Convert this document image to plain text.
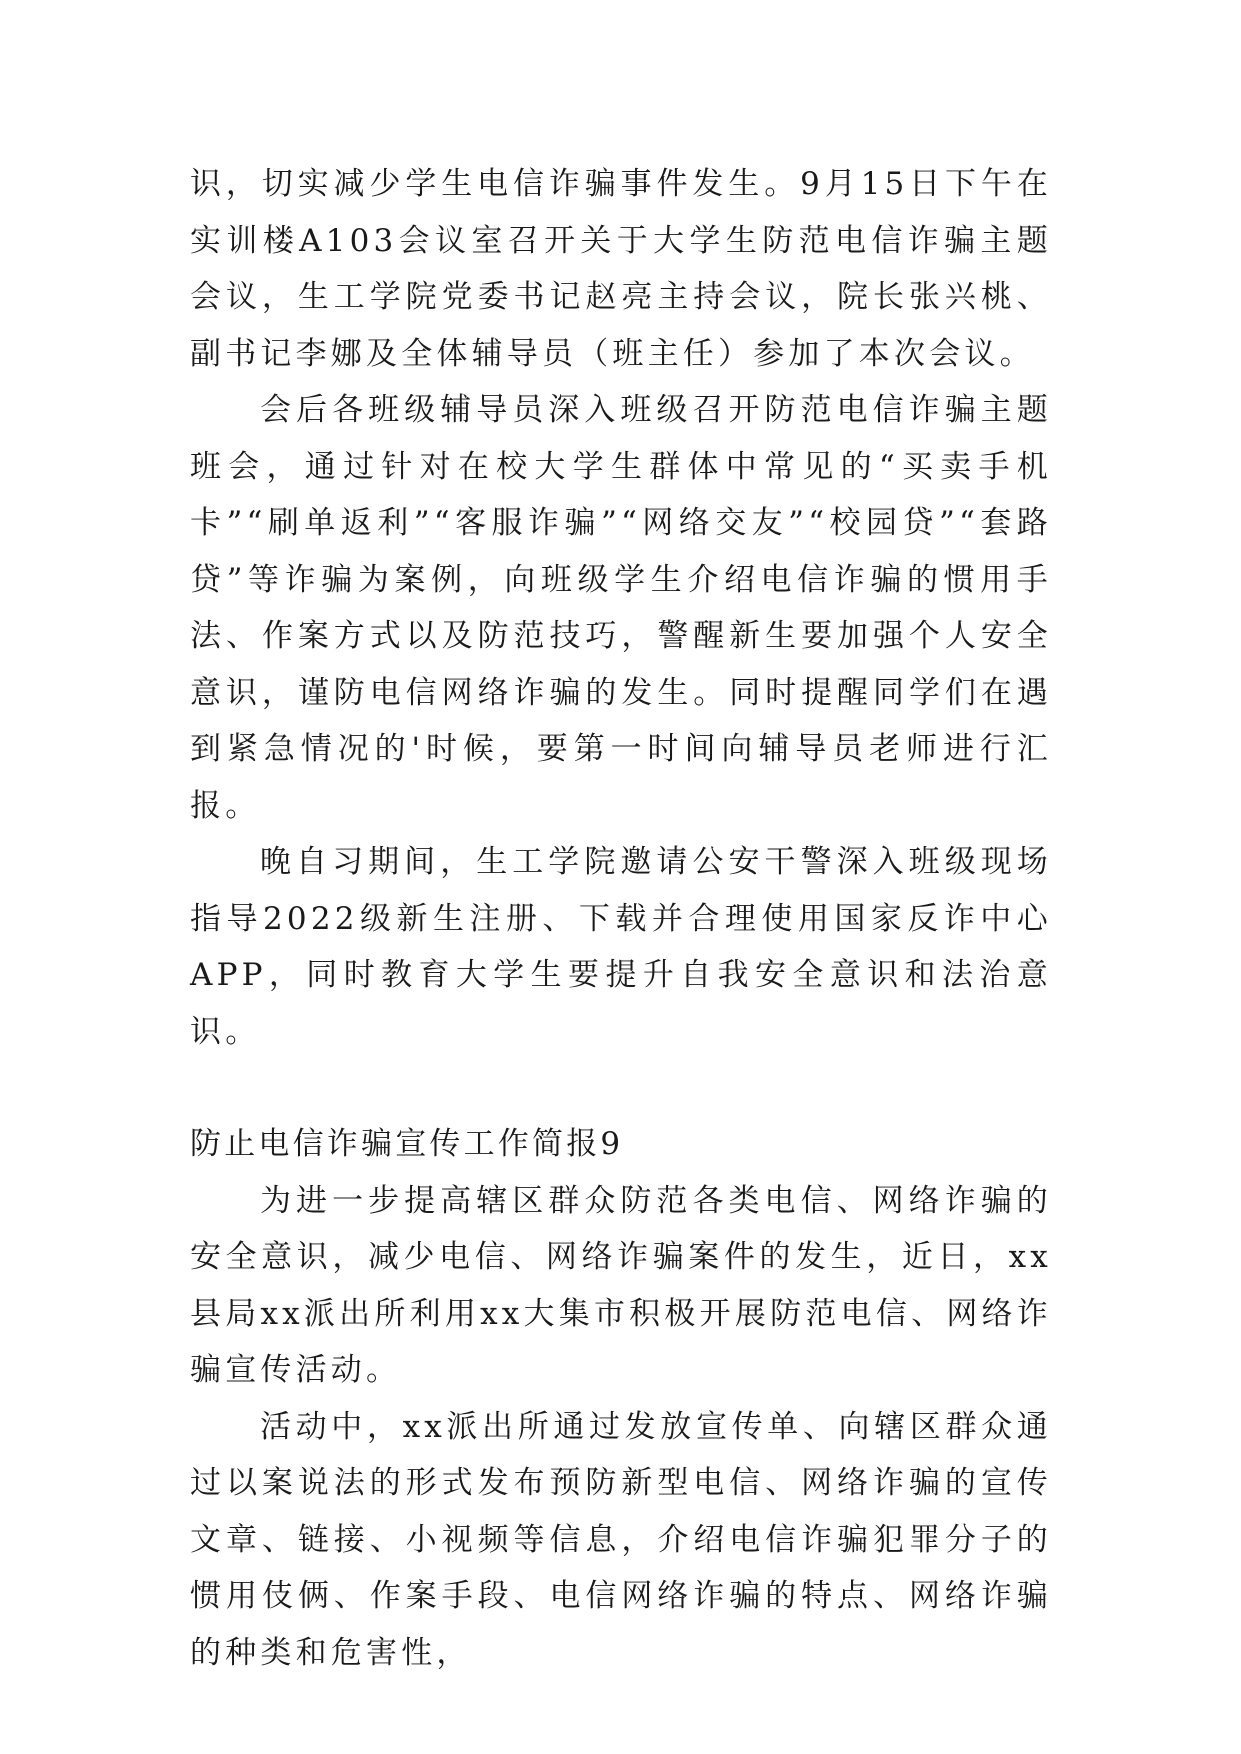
识，切实减少学生电信诈骗事件发生。9月15日下午在实训楼A103会议室召开关于大学生防范电信诈骗主题会议，生工学院党委书记赵亮主持会议，院长张兴桃、副书记李娜及全体辅导员（班主任）参加了本次会议。

会后各班级辅导员深入班级召开防范电信诈骗主题班会，通过针对在校大学生群体中常见的“买卖手机卡”“刷单返利”“客服诈骗”“网络交友”“校园贷”“套路贷”等诈骗为案例，向班级学生介绍电信诈骗的惯用手法、作案方式以及防范技巧，警醒新生要加强个人安全意识，谨防电信网络诈骗的发生。同时提醒同学们在遇到紧急情况的'时候，要第一时间向辅导员老师进行汇报。

晚自习期间，生工学院邀请公安干警深入班级现场指导2022级新生注册、下载并合理使用国家反诈中心APP，同时教育大学生要提升自我安全意识和法治意识。

防止电信诈骗宣传工作简报9

为进一步提高辖区群众防范各类电信、网络诈骗的安全意识，减少电信、网络诈骗案件的发生，近日，xx县局xx派出所利用xx大集市积极开展防范电信、网络诈骗宣传活动。

活动中，xx派出所通过发放宣传单、向辖区群众通过以案说法的形式发布预防新型电信、网络诈骗的宣传文章、链接、小视频等信息，介绍电信诈骗犯罪分子的惯用伎俩、作案手段、电信网络诈骗的特点、网络诈骗的种类和危害性，
